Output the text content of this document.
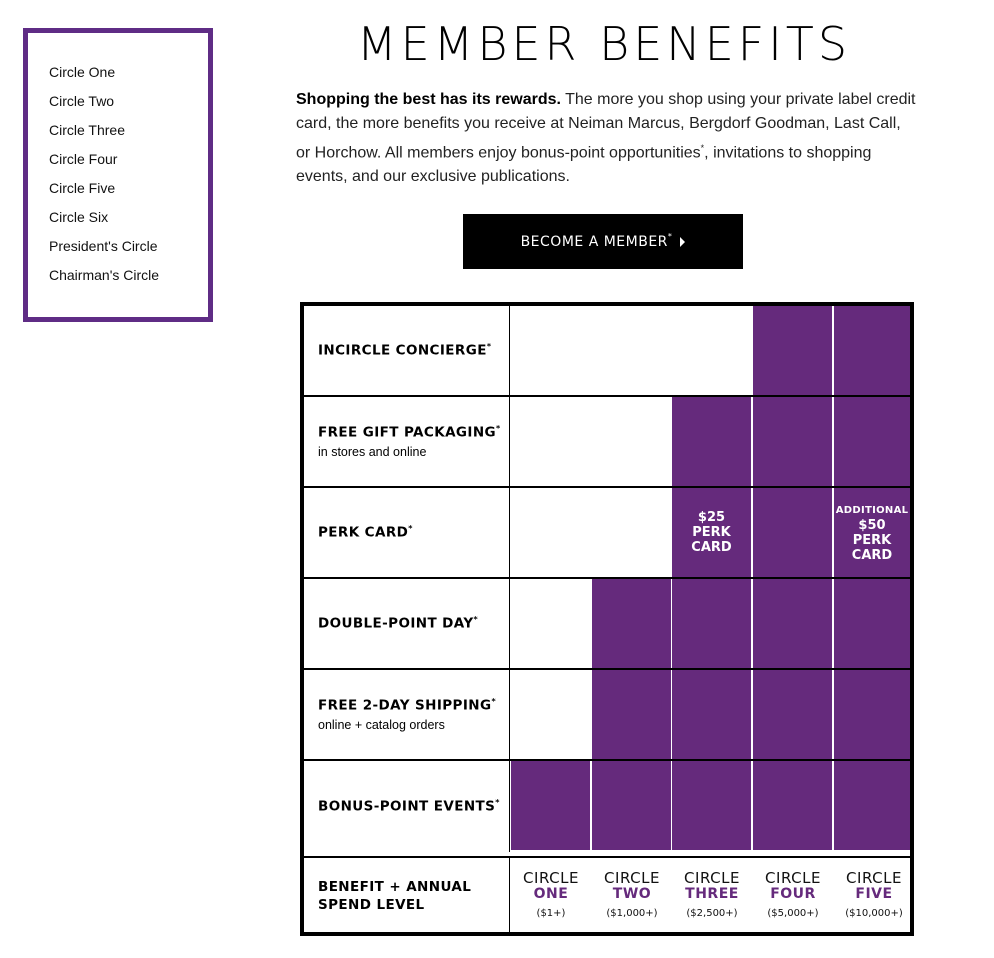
Circle One
Circle Two
Circle Three
Circle Four
Circle Five
Circle Six
President's Circle
Chairman's Circle
MEMBER BENEFITS

Shopping the best has its rewards. The more you shop using your private label credit card, the more benefits you receive at Neiman Marcus, Bergdorf Goodman, Last Call, or Horchow. All members enjoy bonus-point opportunities*, invitations to shopping events, and our exclusive publications.

BECOME A MEMBER*
INCIRCLE CONCIERGE*
FREE GIFT PACKAGING*
in stores and online
PERK CARD*
$25 PERK CARD
ADDITIONAL
$50 PERK CARD
DOUBLE-POINT DAY*
FREE 2-DAY SHIPPING*
online + catalog orders
BONUS-POINT EVENTS*
BENEFIT + ANNUAL SPEND LEVEL
CIRCLE
ONE
($1+)
CIRCLE
TWO
($1,000+)
CIRCLE
THREE
($2,500+)
CIRCLE
FOUR
($5,000+)
CIRCLE
FIVE
($10,000+)
